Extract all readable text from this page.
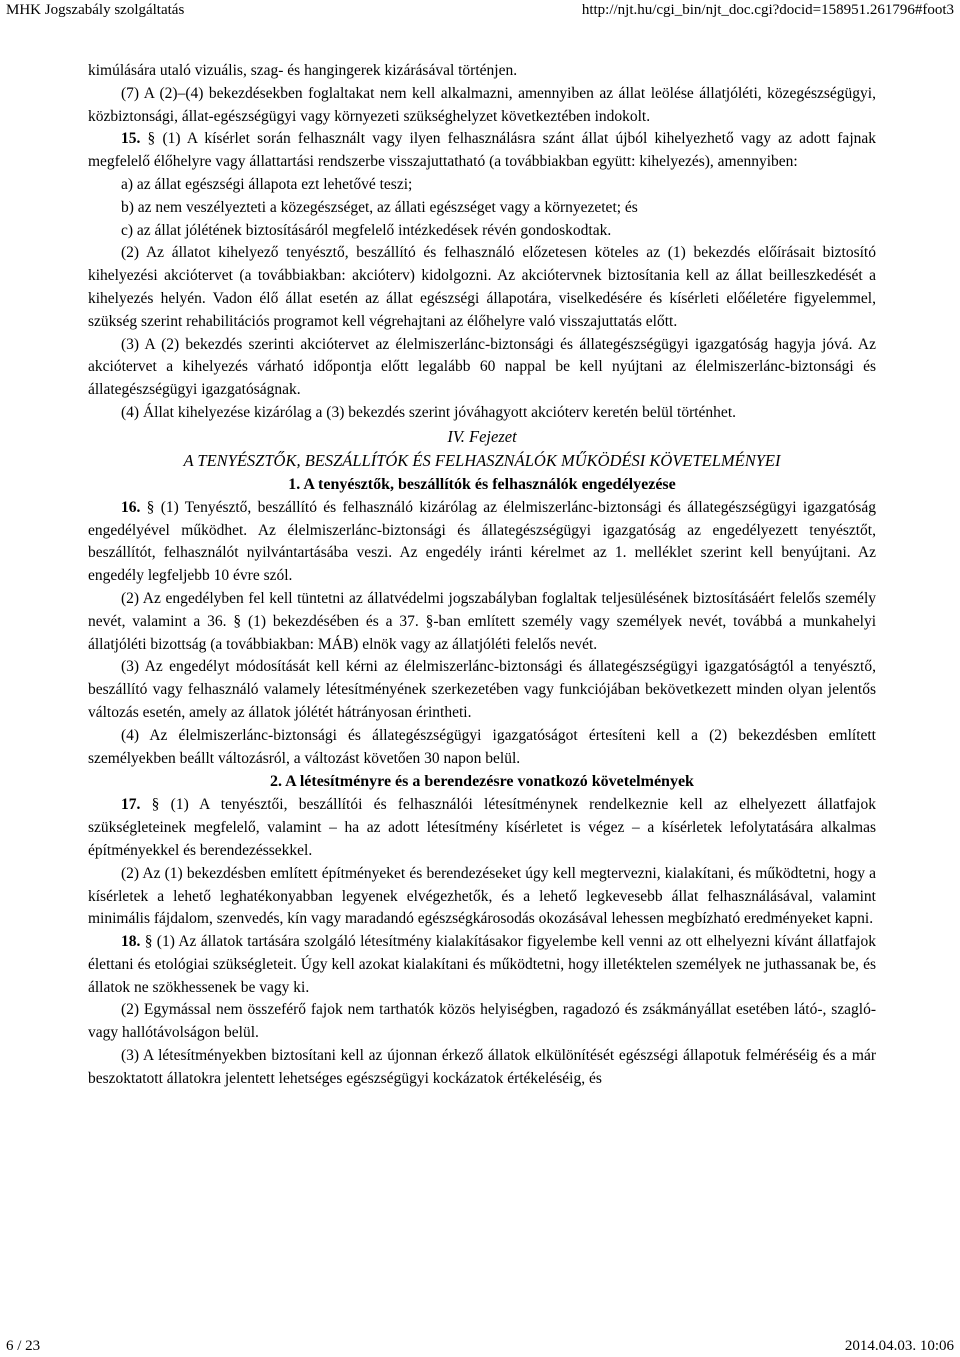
MHK Jogszabály szolgáltatás	http://njt.hu/cgi_bin/njt_doc.cgi?docid=158951.261796#foot3

kimúlására utaló vizuális, szag- és hangingerek kizárásával történjen.

(7) A (2)–(4) bekezdésekben foglaltakat nem kell alkalmazni, amennyiben az állat leölése állatjóléti, közegészségügyi, közbiztonsági, állat-egészségügyi vagy környezeti szükséghelyzet következtében indokolt.

15. § (1) A kísérlet során felhasznált vagy ilyen felhasználásra szánt állat újból kihelyezhető vagy az adott fajnak megfelelő élőhelyre vagy állattartási rendszerbe visszajuttatható (a továbbiakban együtt: kihelyezés), amennyiben:

a) az állat egészségi állapota ezt lehetővé teszi;

b) az nem veszélyezteti a közegészséget, az állati egészséget vagy a környezetet; és

c) az állat jólétének biztosításáról megfelelő intézkedések révén gondoskodtak.

(2) Az állatot kihelyező tenyésztő, beszállító és felhasználó előzetesen köteles az (1) bekezdés előírásait biztosító kihelyezési akciótervet (a továbbiakban: akcióterv) kidolgozni. Az akciótervnek biztosítania kell az állat beilleszkedését a kihelyezés helyén. Vadon élő állat esetén az állat egészségi állapotára, viselkedésére és kísérleti előéletére figyelemmel, szükség szerint rehabilitációs programot kell végrehajtani az élőhelyre való visszajuttatás előtt.

(3) A (2) bekezdés szerinti akciótervet az élelmiszerlánc-biztonsági és állategészségügyi igazgatóság hagyja jóvá. Az akciótervet a kihelyezés várható időpontja előtt legalább 60 nappal be kell nyújtani az élelmiszerlánc-biztonsági és állategészségügyi igazgatóságnak.

(4) Állat kihelyezése kizárólag a (3) bekezdés szerint jóváhagyott akcióterv keretén belül történhet.

IV. Fejezet

A TENYÉSZTŐK, BESZÁLLÍTÓK ÉS FELHASZNÁLÓK MŰKÖDÉSI KÖVETELMÉNYEI

1. A tenyésztők, beszállítók és felhasználók engedélyezése

16. § (1) Tenyésztő, beszállító és felhasználó kizárólag az élelmiszerlánc-biztonsági és állategészségügyi igazgatóság engedélyével működhet. Az élelmiszerlánc-biztonsági és állategészségügyi igazgatóság az engedélyezett tenyésztőt, beszállítót, felhasználót nyilvántartásába veszi. Az engedély iránti kérelmet az 1. melléklet szerint kell benyújtani. Az engedély legfeljebb 10 évre szól.

(2) Az engedélyben fel kell tüntetni az állatvédelmi jogszabályban foglaltak teljesülésének biztosításáért felelős személy nevét, valamint a 36. § (1) bekezdésében és a 37. §-ban említett személy vagy személyek nevét, továbbá a munkahelyi állatjóléti bizottság (a továbbiakban: MÁB) elnök vagy az állatjóléti felelős nevét.

(3) Az engedélyt módosítását kell kérni az élelmiszerlánc-biztonsági és állategészségügyi igazgatóságtól a tenyésztő, beszállító vagy felhasználó valamely létesítményének szerkezetében vagy funkciójában bekövetkezett minden olyan jelentős változás esetén, amely az állatok jólétét hátrányosan érintheti.

(4) Az élelmiszerlánc-biztonsági és állategészségügyi igazgatóságot értesíteni kell a (2) bekezdésben említett személyekben beállt változásról, a változást követően 30 napon belül.

2. A létesítményre és a berendezésre vonatkozó követelmények

17. § (1) A tenyésztői, beszállítói és felhasználói létesítménynek rendelkeznie kell az elhelyezett állatfajok szükségleteinek megfelelő, valamint – ha az adott létesítmény kísérletet is végez – a kísérletek lefolytatására alkalmas építményekkel és berendezéssekkel.

(2) Az (1) bekezdésben említett építményeket és berendezéseket úgy kell megtervezni, kialakítani, és működtetni, hogy a kísérletek a lehető leghatékonyabban legyenek elvégezhetők, és a lehető legkevesebb állat felhasználásával, valamint minimális fájdalom, szenvedés, kín vagy maradandó egészségkárosodás okozásával lehessen megbízható eredményeket kapni.

18. § (1) Az állatok tartására szolgáló létesítmény kialakításakor figyelembe kell venni az ott elhelyezni kívánt állatfajok élettani és etológiai szükségleteit. Úgy kell azokat kialakítani és működtetni, hogy illetéktelen személyek ne juthassanak be, és állatok ne szökhessenek be vagy ki.

(2) Egymással nem összeférő fajok nem tarthatók közös helyiségben, ragadozó és zsákmányállat esetében látó-, szagló- vagy hallótávolságon belül.

(3) A létesítményekben biztosítani kell az újonnan érkező állatok elkülönítését egészségi állapotuk felméréséig és a már beszoktatott állatokra jelentett lehetséges egészségügyi kockázatok értékeléséig, és

6 / 23	2014.04.03. 10:06
